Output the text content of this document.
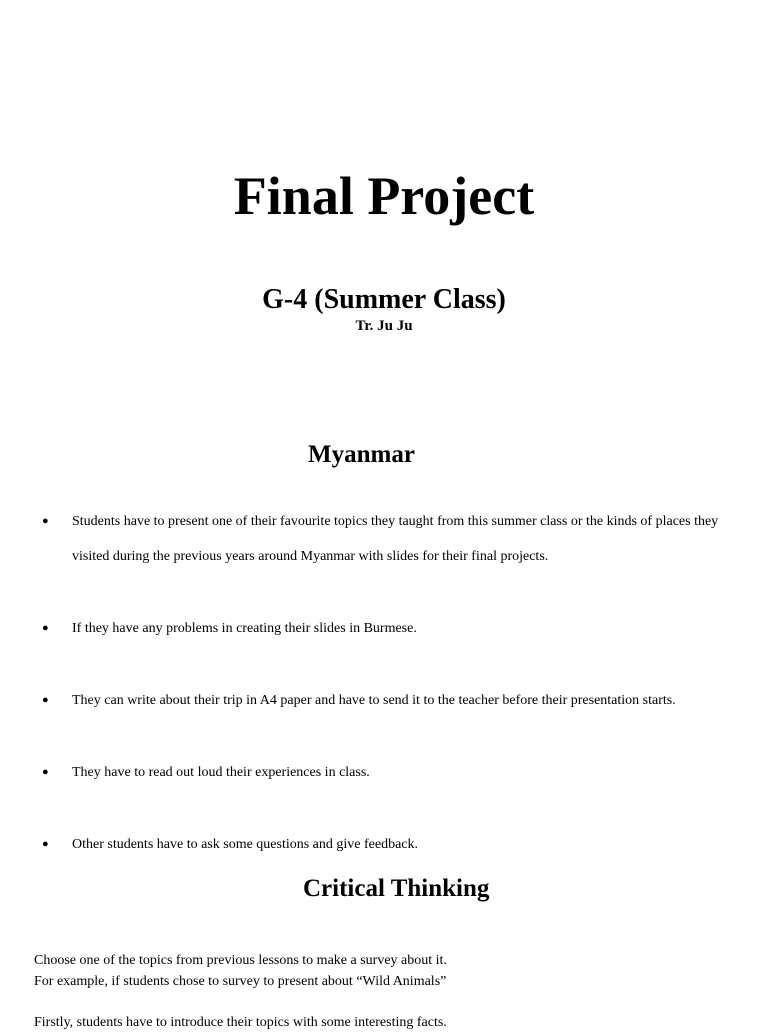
Final Project
G-4 (Summer Class)
Tr. Ju Ju
Myanmar
●	Students have to present one of their favourite topics they taught from this summer class or the kinds of places they visited during the previous years around Myanmar with slides for their final projects.
●	If they have any problems in creating their slides in Burmese.
●	They can write about their trip in A4 paper and have to send it to the teacher before their presentation starts.
●	They have to read out loud their experiences in class.
●	Other students have to ask some questions and give feedback.
Critical Thinking
Choose one of the topics from previous lessons to make a survey about it.
For example, if students chose to survey to present about “Wild Animals”
Firstly, students have to introduce their topics with some interesting facts.
